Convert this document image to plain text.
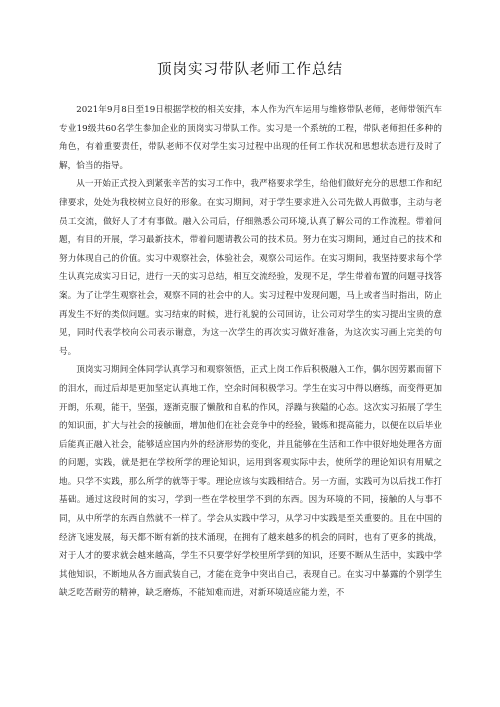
顶岗实习带队老师工作总结

2021年9月8日至19日根据学校的相关安排，本人作为汽车运用与维修带队老师，老师带领汽车专业19级共60名学生参加企业的顶岗实习带队工作。实习是一个系统的工程，带队老师担任多种的角色，有着重要责任，带队老师不仅对学生实习过程中出现的任何工作状况和思想状态进行及时了解，恰当的指导。

从一开始正式投入到紧张辛苦的实习工作中，我严格要求学生，给他们做好充分的思想工作和纪律要求，处处为我校树立良好的形象。在实习期间，对于学生要求进入公司先做人再做事，主动与老员工交流，做好人了才有事做。融入公司后，仔细熟悉公司环境,认真了解公司的工作流程。带着问题，有目的开展，学习最新技术，带着问题请教公司的技术员。努力在实习期间，通过自己的技术和努力体现自己的价值。实习中观察社会，体验社会，观察公司运作。在实习期间，我坚持要求每个学生认真完成实习日记，进行一天的实习总结，相互交流经验，发现不足，学生带着布置的问题寻找答案。为了让学生观察社会，观察不同的社会中的人。实习过程中发现问题，马上或者当时指出，防止再发生不好的类似问题。实习结束的时候，进行礼貌的公司回访，让公司对学生的实习提出宝贵的意见，同时代表学校向公司表示谢意，为这一次学生的再次实习做好准备，为这次实习画上完美的句号。

顶岗实习期间全体同学认真学习和观察领悟，正式上岗工作后积极融入工作，偶尔因劳累而留下的泪水，而过后却是更加坚定认真地工作，空余时间积极学习。学生在实习中得以磨练，而变得更加开朗，乐观，能干，坚强，逐渐克服了懒散和自私的作风，浮躁与狭隘的心态。这次实习拓展了学生的知识面，扩大与社会的接触面，增加他们在社会竞争中的经验，锻炼和提高能力，以便在以后毕业后能真正融入社会，能够适应国内外的经济形势的变化，并且能够在生活和工作中很好地处理各方面的问题，实践，就是把在学校所学的理论知识，运用到客观实际中去，使所学的理论知识有用赋之地。只学不实践，那么所学的就等于零。理论应该与实践相结合。另一方面，实践可为以后找工作打基础。通过这段时间的实习，学到一些在学校里学不到的东西。因为环境的不同，接触的人与事不同，从中所学的东西自然就不一样了。学会从实践中学习，从学习中实践是至关重要的。且在中国的经济飞速发展，每天都不断有新的技术涌现，在拥有了越来越多的机会的同时，也有了更多的挑战，对于人才的要求就会越来越高，学生不只要学好学校里所学到的知识，还要不断从生活中，实践中学其他知识，不断地从各方面武装自己，才能在竞争中突出自己，表现自己。在实习中暴露的个别学生缺乏吃苦耐劳的精神，缺乏磨炼，不能知难而进，对新环境适应能力差，不
